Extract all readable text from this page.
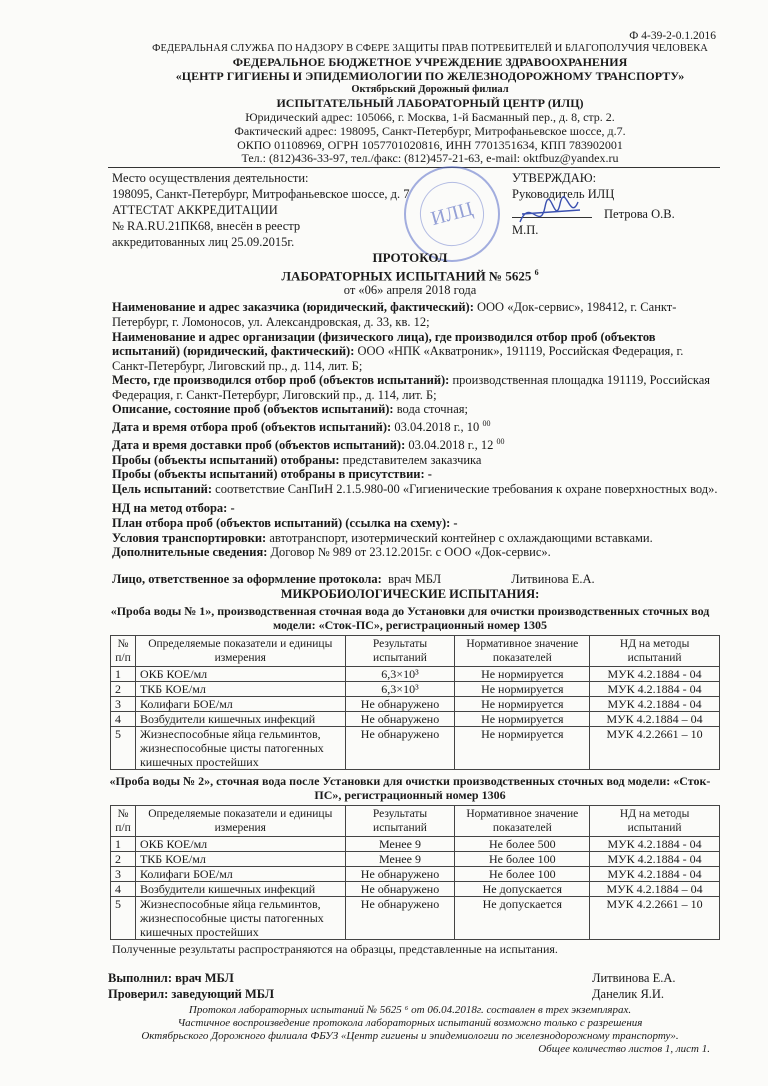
Ф 4-39-2-0.1.2016
ФЕДЕРАЛЬНАЯ СЛУЖБА ПО НАДЗОРУ В СФЕРЕ ЗАЩИТЫ ПРАВ ПОТРЕБИТЕЛЕЙ И БЛАГОПОЛУЧИЯ ЧЕЛОВЕКА
ФЕДЕРАЛЬНОЕ БЮДЖЕТНОЕ УЧРЕЖДЕНИЕ ЗДРАВООХРАНЕНИЯ
«ЦЕНТР ГИГИЕНЫ И ЭПИДЕМИОЛОГИИ ПО ЖЕЛЕЗНОДОРОЖНОМУ ТРАНСПОРТУ»
Октябрьский Дорожный филиал
ИСПЫТАТЕЛЬНЫЙ ЛАБОРАТОРНЫЙ ЦЕНТР (ИЛЦ)
Юридический адрес: 105066, г. Москва, 1-й Басманный пер., д. 8, стр. 2.
Фактический адрес: 198095, Санкт-Петербург, Митрофаньевское шоссе, д.7.
ОКПО 01108969, ОГРН 1057701020816, ИНН 7701351634, КПП 783902001
Тел.: (812)436-33-97, тел./факс: (812)457-21-63, e-mail: oktfbuz@yandex.ru
ИЛЦ
Место осуществления деятельности:
198095, Санкт-Петербург, Митрофаньевское шоссе, д. 7
АТТЕСТАТ АККРЕДИТАЦИИ
№ RA.RU.21ПК68, внесён в реестр
аккредитованных лиц 25.09.2015г.
УТВЕРЖДАЮ:
Руководитель ИЛЦ
Петрова О.В.
М.П.
ПРОТОКОЛ
ЛАБОРАТОРНЫХ ИСПЫТАНИЙ № 5625 $^6$
от «06» апреля 2018 года

Наименование и адрес заказчика (юридический, фактический): ООО «Док-сервис», 198412, г. Санкт-Петербург, г. Ломоносов, ул. Александровская, д. 33, кв. 12;

Наименование и адрес организации (физического лица), где производился отбор проб (объектов испытаний) (юридический, фактический): ООО «НПК «Акватроник», 191119, Российская Федерация, г. Санкт-Петербург, Лиговский пр., д. 114, лит. Б;

Место, где производился отбор проб (объектов испытаний): производственная площадка 191119, Российская Федерация, г. Санкт-Петербург, Лиговский пр., д. 114, лит. Б;

Описание, состояние проб (объектов испытаний): вода сточная;

Дата и время отбора проб (объектов испытаний): 03.04.2018 г., 10 $^{00}$

Дата и время доставки проб (объектов испытаний): 03.04.2018 г., 12 $^{00}$

Пробы (объекты испытаний) отобраны: представителем заказчика

Пробы (объекты испытаний) отобраны в присутствии: -

Цель испытаний: соответствие СанПиН 2.1.5.980-00 «Гигиенические требования к охране поверхностных вод».

НД на метод отбора: -

План отбора проб (объектов испытаний) (ссылка на схему): -

Условия транспортировки: автотранспорт, изотермический контейнер с охлаждающими вставками.

Дополнительные сведения: Договор № 989 от 23.12.2015г. с ООО «Док-сервис».

Лицо, ответственное за оформление протокола: врач МБЛ	Литвинова Е.А.
МИКРОБИОЛОГИЧЕСКИЕ ИСПЫТАНИЯ:
«Проба воды № 1», производственная сточная вода до Установки для очистки производственных сточных вод модели: «Сток-ПС», регистрационный номер 1305
№ п/п	Определяемые показатели и единицы измерения	Результаты испытаний	Нормативное значение показателей	НД на методы испытаний
1	ОКБ КОЕ/мл	6,3×10³	Не нормируется	МУК 4.2.1884 - 04
2	ТКБ КОЕ/мл	6,3×10³	Не нормируется	МУК 4.2.1884 - 04
3	Колифаги БОЕ/мл	Не обнаружено	Не нормируется	МУК 4.2.1884 - 04
4	Возбудители кишечных инфекций	Не обнаружено	Не нормируется	МУК 4.2.1884 – 04
5	Жизнеспособные яйца гельминтов, жизнеспособные цисты патогенных кишечных простейших	Не обнаружено	Не нормируется	МУК 4.2.2661 – 10
«Проба воды № 2», сточная вода после Установки для очистки производственных сточных вод модели: «Сток-ПС», регистрационный номер 1306
№ п/п	Определяемые показатели и единицы измерения	Результаты испытаний	Нормативное значение показателей	НД на методы испытаний
1	ОКБ КОЕ/мл	Менее 9	Не более 500	МУК 4.2.1884 - 04
2	ТКБ КОЕ/мл	Менее 9	Не более 100	МУК 4.2.1884 - 04
3	Колифаги БОЕ/мл	Не обнаружено	Не более 100	МУК 4.2.1884 - 04
4	Возбудители кишечных инфекций	Не обнаружено	Не допускается	МУК 4.2.1884 – 04
5	Жизнеспособные яйца гельминтов, жизнеспособные цисты патогенных кишечных простейших	Не обнаружено	Не допускается	МУК 4.2.2661 – 10
Полученные результаты распространяются на образцы, представленные на испытания.
Выполнил: врач МБЛ
Проверил: заведующий МБЛ
Литвинова Е.А.
Данелик Я.И.
Протокол лабораторных испытаний № 5625 ⁶ от 06.04.2018г. составлен в трех экземплярах.
Частичное воспроизведение протокола лабораторных испытаний возможно только с разрешения
Октябрьского Дорожного филиала ФБУЗ «Центр гигиены и эпидемиологии по железнодорожному транспорту».
Общее количество листов 1, лист 1.
